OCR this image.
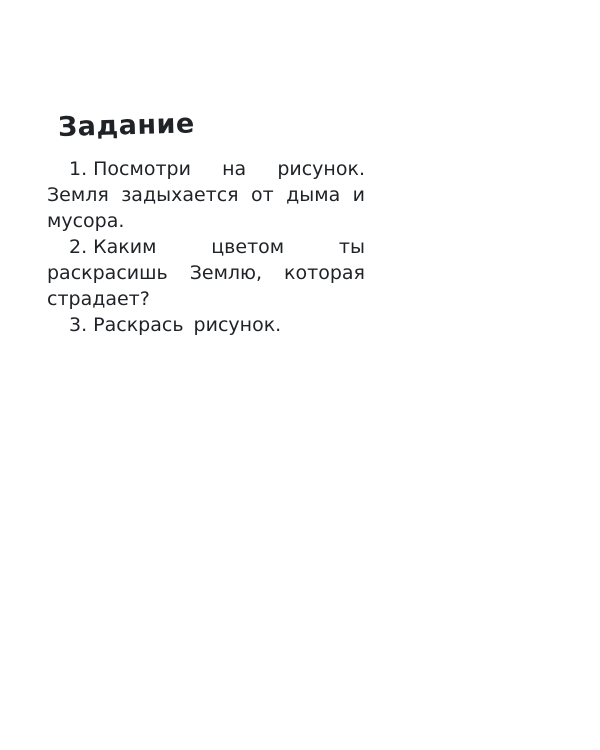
Задание
1. Посмотри на рисунок. Земля задыхается от дыма и мусора.
2. Каким цветом ты раскрасишь Землю, которая страдает?
3. Раскрась рисунок.
